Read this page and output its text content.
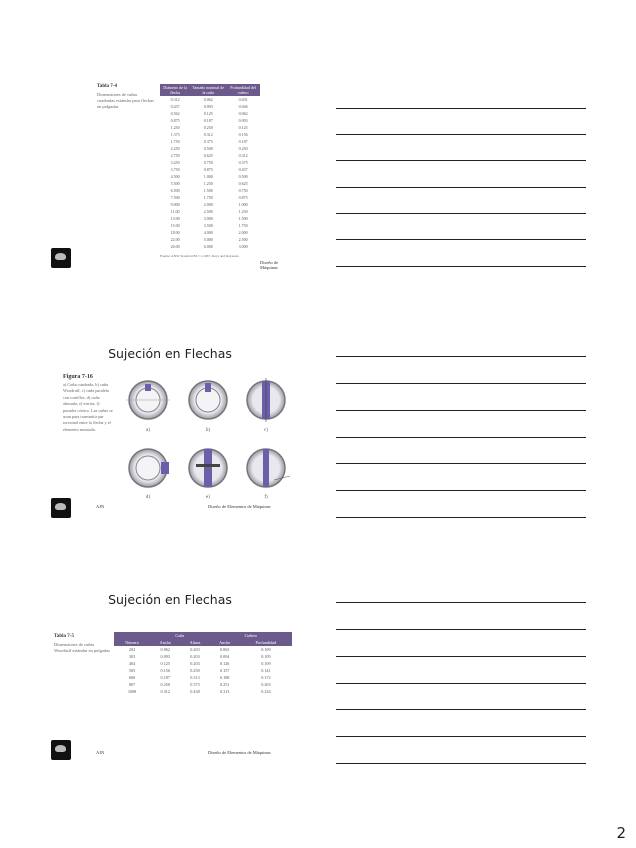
Tabla 7-4
Dimensiones de cuñas cuadradas estándar para flechas en pulgadas
Diámetro de la flecha	Tamaño nominal de la cuña	Profundidad del cuñero
0.312	0.062	0.031
0.437	0.093	0.046
0.562	0.125	0.062
0.875	0.187	0.093
1.250	0.250	0.125
1.375	0.312	0.156
1.750	0.375	0.187
2.250	0.500	0.250
2.750	0.625	0.312
3.250	0.750	0.375
3.750	0.875	0.437
4.500	1.000	0.500
5.500	1.250	0.625
6.500	1.500	0.750
7.500	1.750	0.875
9.000	2.000	1.000
11.00	2.500	1.250
13.00	3.000	1.500
15.00	3.500	1.750
18.00	4.000	2.000
22.00	5.000	2.500
26.00	6.000	3.000
Fuente: ANSI Standard B17.1-1967, Keys and Keyseats.
Diseño de Máquinas
Sujeción en Flechas
Figura 7-16
a) Cuña cuadrada, b) cuña Woodruff, c) cuña paralela con tornillos, d) cuña ahusada, e) estrías, f) pasador cónico. Las cuñas se usan para transmitir par torsional entre la flecha y el elemento montado.	a)	b)	c)
d)	e)	f)
AJN	Diseño de Elementos de Máquinas
Sujeción en Flechas
Tabla 7-5
Dimensiones de cuñas Woodruff estándar en pulgadas
	Cuña		Cuñero	
Número	Ancho	Altura	Ancho	Profundidad
202	0.062	0.203	0.063	0.109
303	0.093	0.203	0.094	0.109
404	0.125	0.203	0.126	0.109
505	0.156	0.250	0.157	0.141
606	0.187	0.313	0.188	0.172
807	0.250	0.375	0.251	0.203
1008	0.312	0.438	0.313	0.234
AJN	Diseño de Elementos de Máquinas
2
